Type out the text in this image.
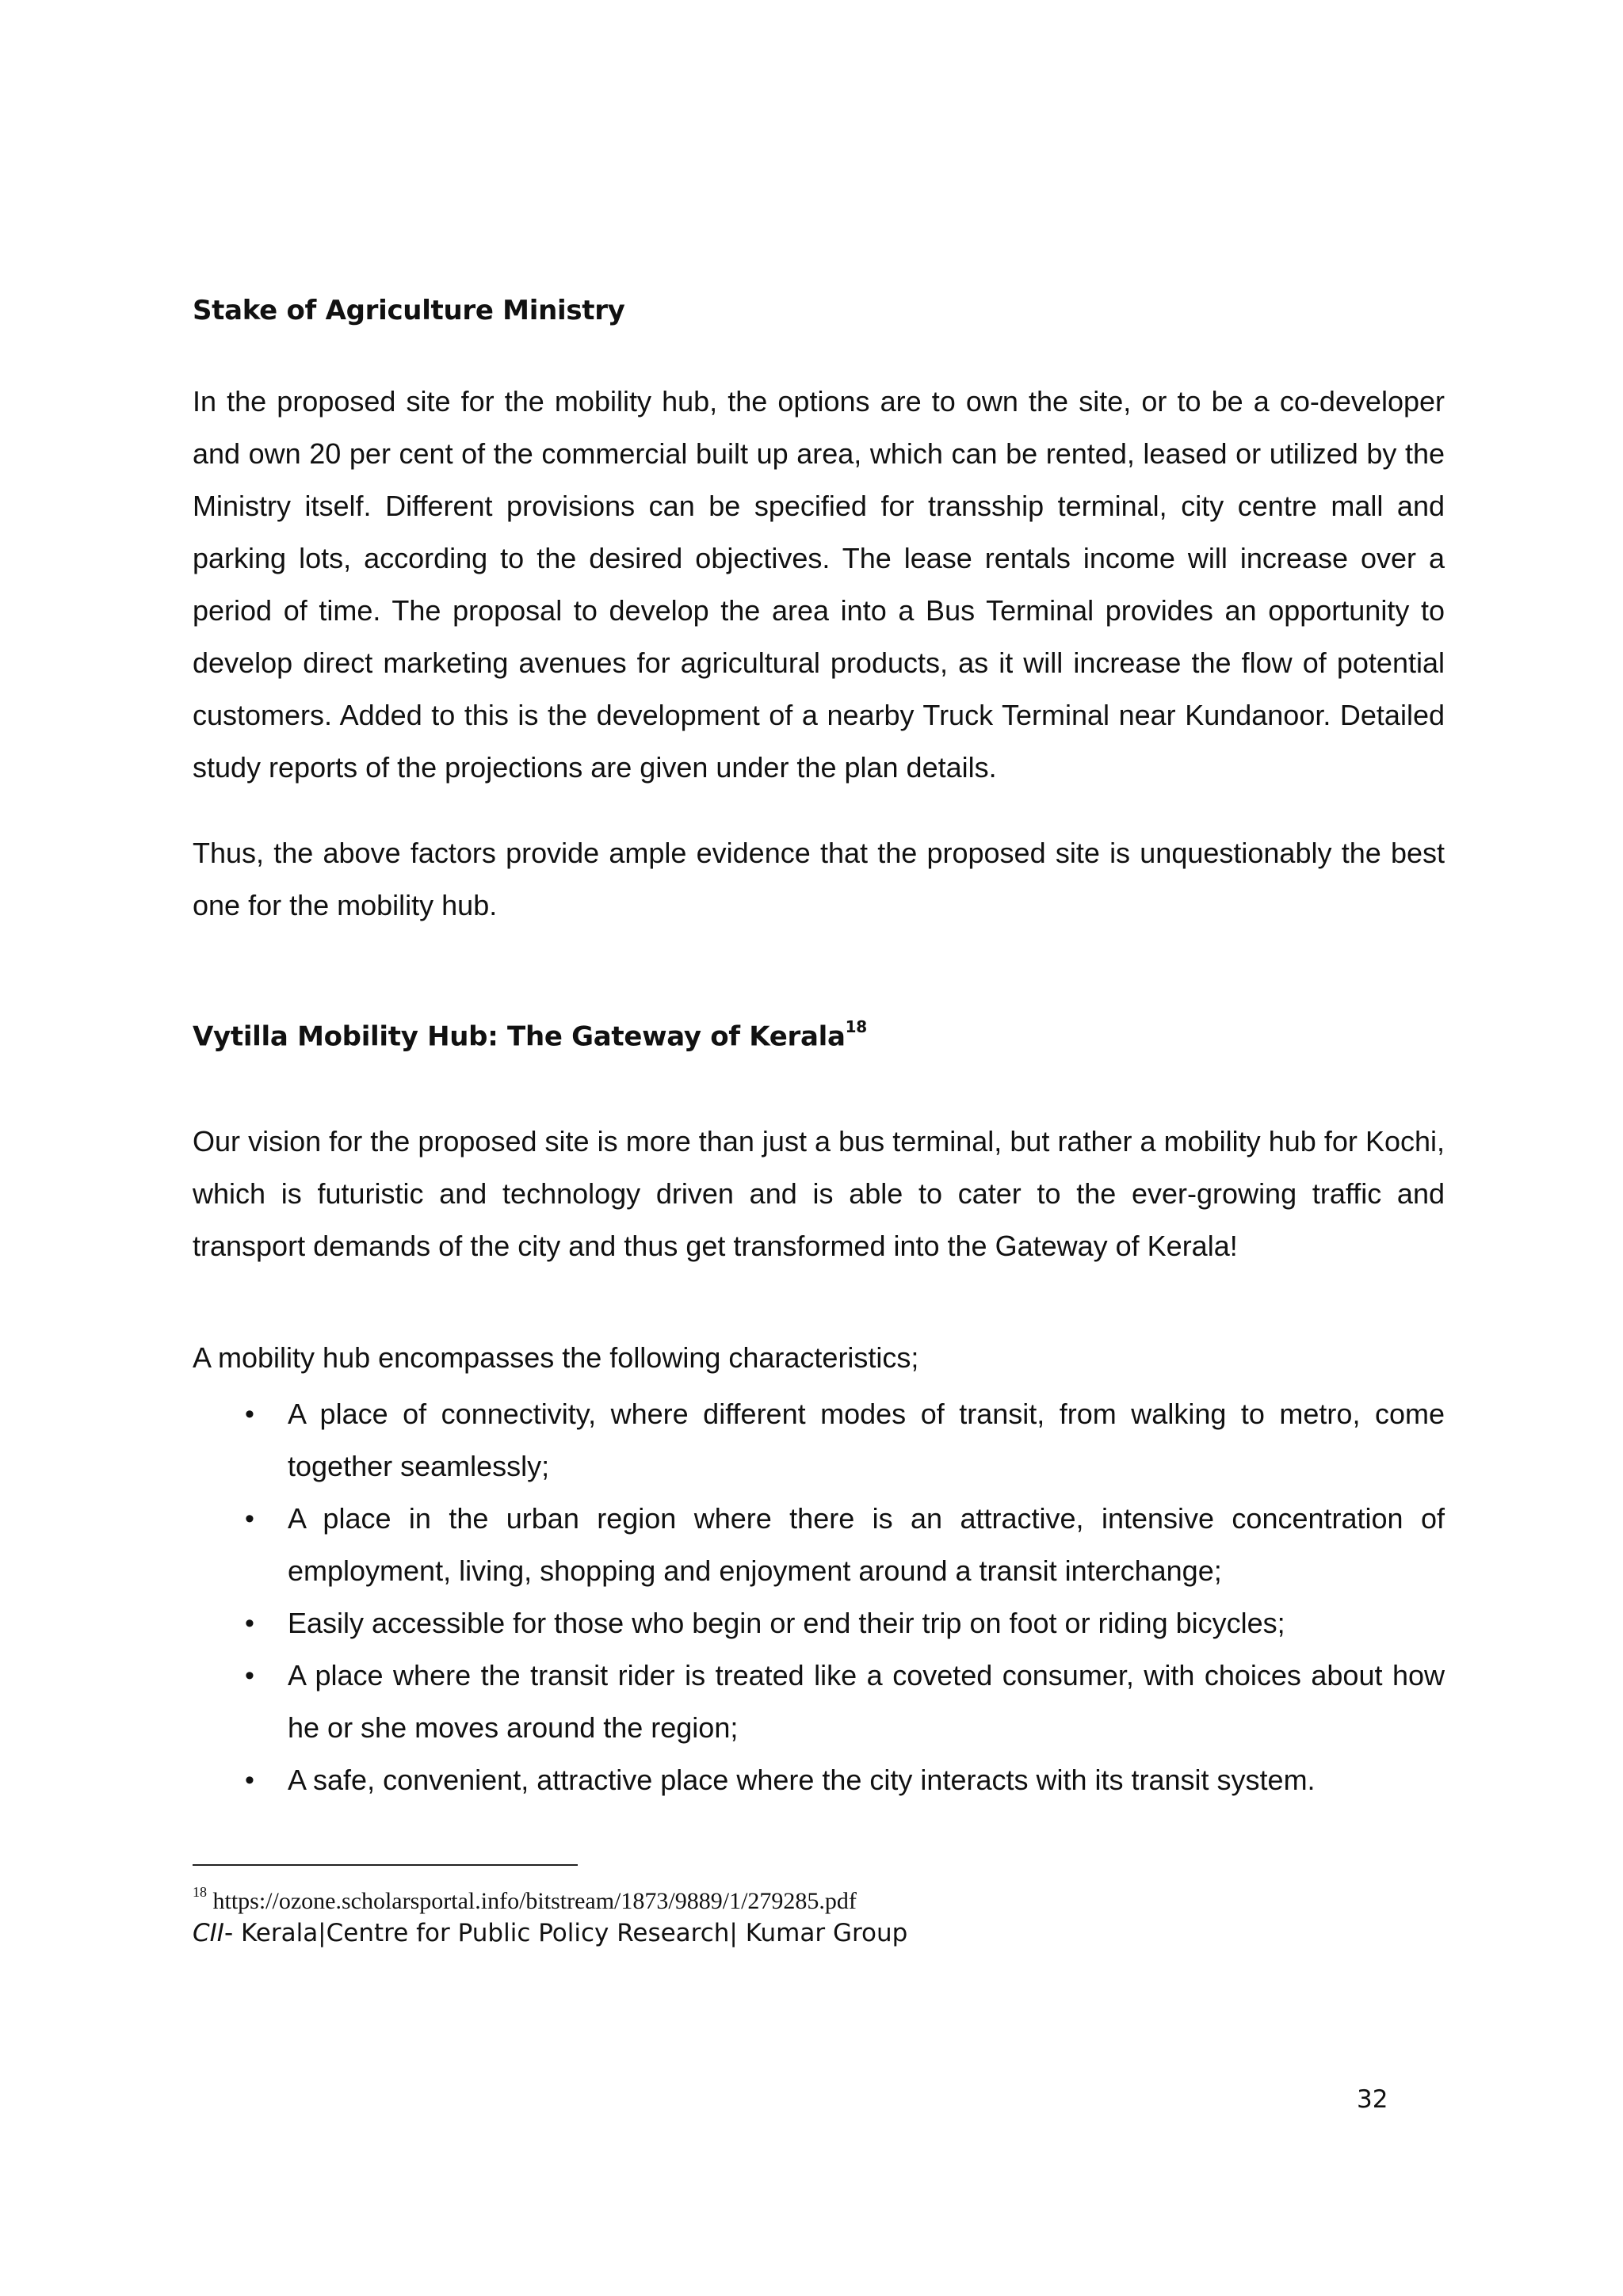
Stake of Agriculture Ministry

In the proposed site for the mobility hub, the options are to own the site, or to be a co-developer and own 20 per cent of the commercial built up area, which can be rented, leased or utilized by the Ministry itself. Different provisions can be specified for transship terminal, city centre mall and parking lots, according to the desired objectives. The lease rentals income will increase over a period of time. The proposal to develop the area into a Bus Terminal provides an opportunity to develop direct marketing avenues for agricultural products, as it will increase the flow of potential customers. Added to this is the development of a nearby Truck Terminal near Kundanoor. Detailed study reports of the projections are given under the plan details.

Thus, the above factors provide ample evidence that the proposed site is unquestionably the best one for the mobility hub.

Vytilla Mobility Hub: The Gateway of Kerala$^{18}$

Our vision for the proposed site is more than just a bus terminal, but rather a mobility hub for Kochi, which is futuristic and technology driven and is able to cater to the ever-growing traffic and transport demands of the city and thus get transformed into the Gateway of Kerala!

A mobility hub encompasses the following characteristics;

• A place of connectivity, where different modes of transit, from walking to metro, come together seamlessly;
• A place in the urban region where there is an attractive, intensive concentration of employment, living, shopping and enjoyment around a transit interchange;
• Easily accessible for those who begin or end their trip on foot or riding bicycles;
• A place where the transit rider is treated like a coveted consumer, with choices about how he or she moves around the region;
• A safe, convenient, attractive place where the city interacts with its transit system.

$^{18}$ https://ozone.scholarsportal.info/bitstream/1873/9889/1/279285.pdf

CII- Kerala|Centre for Public Policy Research| Kumar Group

32
